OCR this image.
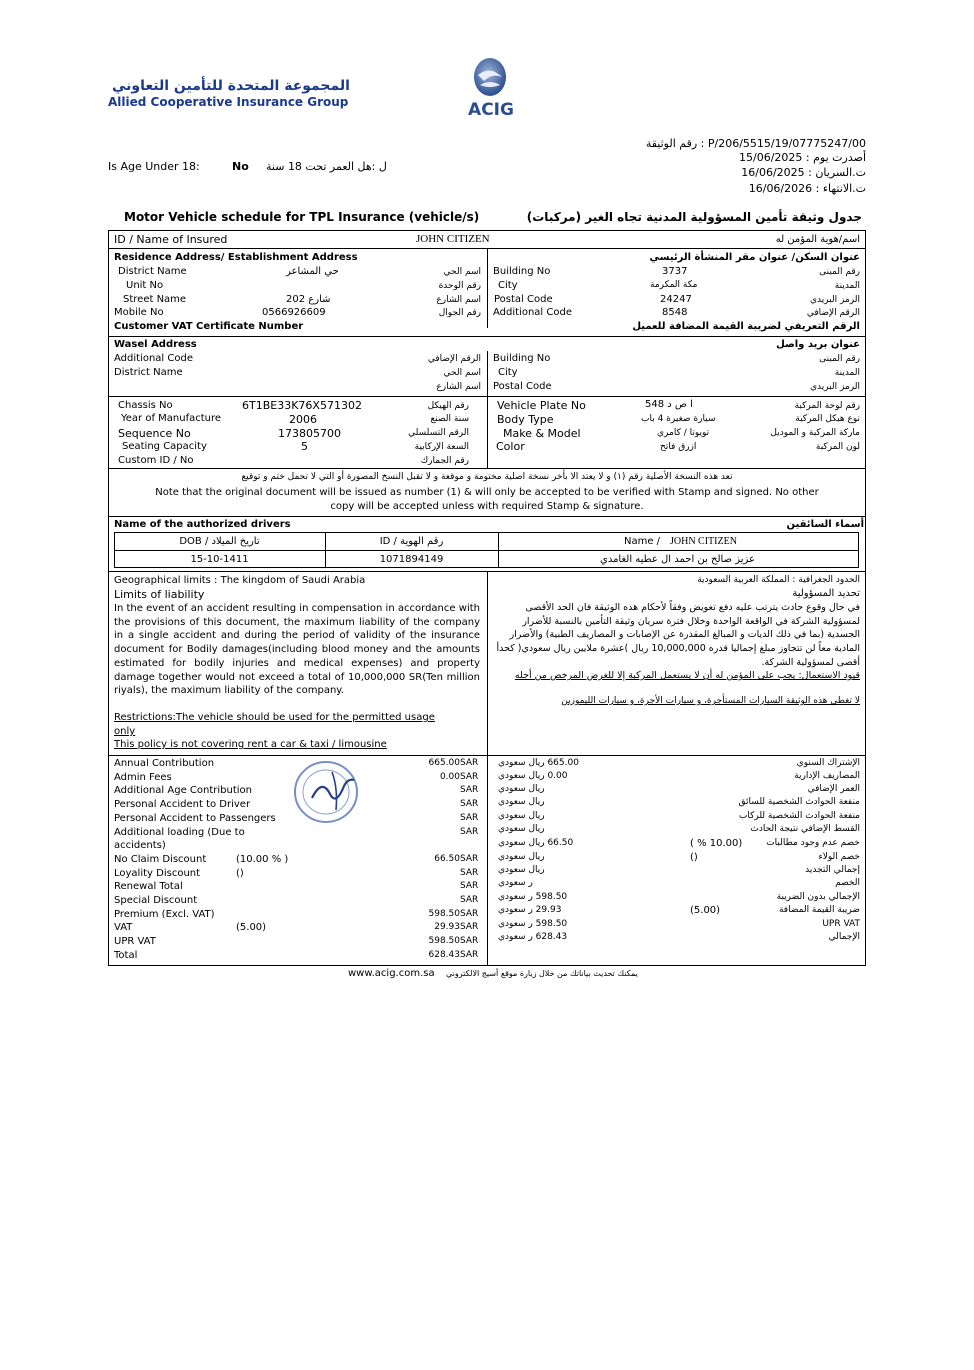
المجموعة المتحدة للتأمين التعاوني
Allied Cooperative Insurance Group	ACIG
رقم الوثيقة : P/206/5515/19/07775247/00
أصدرت يوم : 15/06/2025
ت.السريان : 16/06/2025
ت.الانتهاء : 16/06/2026
Is Age Under 18:	No ل :هل العمر تحت 18 سنة
Motor Vehicle schedule for TPL Insurance (vehicle/s)	جدول وثيقة تأمين المسؤولية المدنية تجاه الغير (مركبات)
ID / Name of Insured	JOHN CITIZEN	اسم/هوية المؤمن له
Residence Address/ Establishment Address	عنوان السكن/ عنوان مقر المنشأة الرئيسي
District Name	حي المشاعر	اسم الحي
Unit No	رقم الوحدة
Street Name	شارع 202	اسم الشارع
Mobile No	0566926609	رقم الجوال
Building No	3737	رقم المبنى
City	مكة المكرمة	المدينة
Postal Code	24247	الرمز البريدي
Additional Code	8548	الرقم الإضافي
Customer VAT Certificate Number	الرقم التعريفي لضريبة القيمة المضافة للعميل
Wasel Address	عنوان بريد واصل
Additional Code	الرقم الإضافي
District Name	اسم الحي
اسم الشارع
Building No	رقم المبنى
City	المدينة
Postal Code	الرمز البريدي
Chassis No	6T1BE33K76X571302	رقم الهيكل
Year of Manufacture	2006	سنة الصنع
Sequence No	173805700	الرقم التسلسلي
Seating Capacity	5	السعة الإركابية
Custom ID / No	رقم الجمارك
Vehicle Plate No	ا ص د 548	رقم لوحة المركبة
Body Type	سيارة صغيرة 4 باب	نوع هيكل المركبة
Make & Model	تويوتا / كامري	ماركة المركبة و الموديل
Color	ازرق فاتح	لون المركبة
تعد هذه النسخة الأصلية رقم (١) و لا يعتد الا بأخر نسخة اصلية مختومة و موقعة و لا تقبل النسخ المصورة أو التي لا تحمل ختم و توقيع
Note that the original document will be issued as number (1) & will only be accepted to be verified with Stamp and signed. No other
copy will be accepted unless with required Stamp & signature.
Name of the authorized drivers	أسماء السائقين
DOB / تاريخ الميلاد	ID / رقم الهوية	Name / JOHN CITIZEN
15-10-1411	1071894149	عزيز صالح بن احمد ال عطيه الغامدي
Geographical limits : The kingdom of Saudi Arabia
Limits of liability
In the event of an accident resulting in compensation in accordance with the provisions of this document, the maximum liability of the company in a single accident and during the period of validity of the insurance document for Bodily damages(including blood money and the amounts estimated for bodily injuries and medical expenses) and property damage together would not exceed a total of 10,000,000 SR(Ten million riyals), the maximum liability of the company.
Restrictions:The vehicle should be used for the permitted usage
only
This policy is not covering rent a car & taxi / limousine
الحدود الجغرافية : المملكة العربية السعودية
تحديد المسؤولية
في حال وقوع حادث يترتب عليه دفع تعويض وفقاً لأحكام هذه الوثيقة فان الحد الأقصى لمسؤولية الشركة في الواقعة الواحدة وخلال فترة سريان وثيقة التأمين بالنسبة للأضرار الجسدية (بما في ذلك الديات و المبالغ المقدرة عن الإصابات و المصاريف الطبية) والأضرار المادية معاً لن تتجاوز مبلغ إجماليا قدره 10,000,000 ريال )عشرة ملايين ريال سعودي( كحدأ أقصى لمسؤولية الشركة.
قيود الاستعمال: يجب على المؤمن له أن لا يستعمل المركبة إلا للغرض المرخص من أجله
لا تغطي هذه الوثيقة السيارات المستأجرة، و سيارات الأجرة، و سيارات الليموزين
Annual Contribution	665.00 SAR
Admin Fees	0.00 SAR
Additional Age Contribution	SAR
Personal Accident to Driver	SAR
Personal Accident to Passengers	SAR
Additional loading (Due to	SAR
accidents)
No Claim Discount	(10.00 % )	66.50 SAR
Loyality Discount	()	SAR
Renewal Total	SAR
Special Discount	SAR
Premium (Excl. VAT)	598.50 SAR
VAT	(5.00)	29.93 SAR
UPR VAT	598.50 SAR
Total	628.43 SAR
665.00 ريال سعودي	الإشتراك السنوي
0.00 ريال سعودي	المصاريف الإدارية
ريال سعودي	العمر الإضافي
ريال سعودي	منفعة الحوادث الشخصية للسائق
ريال سعودي	منفعة الحوادث الشخصية للركاب
ريال سعودي	القسط الإضافي نتيجة الحادث
66.50 ريال سعودي	( % 10.00)	خصم عدم وجود مطالبات
ريال سعودي	()	خصم الولاء
ريال سعودي	إجمالي التجديد
ر سعودي	الخصم
598.50 ر سعودي	الإجمالي بدون الضريبة
29.93 ر سعودي	(5.00)	ضريبة القيمة المضافة
598.50 ر سعودي	UPR VAT
628.43 ر سعودي	الإجمالي
www.acig.com.sa يمكنك تحديث بياناتك من خلال زيارة موقع أسيج الالكتروني
